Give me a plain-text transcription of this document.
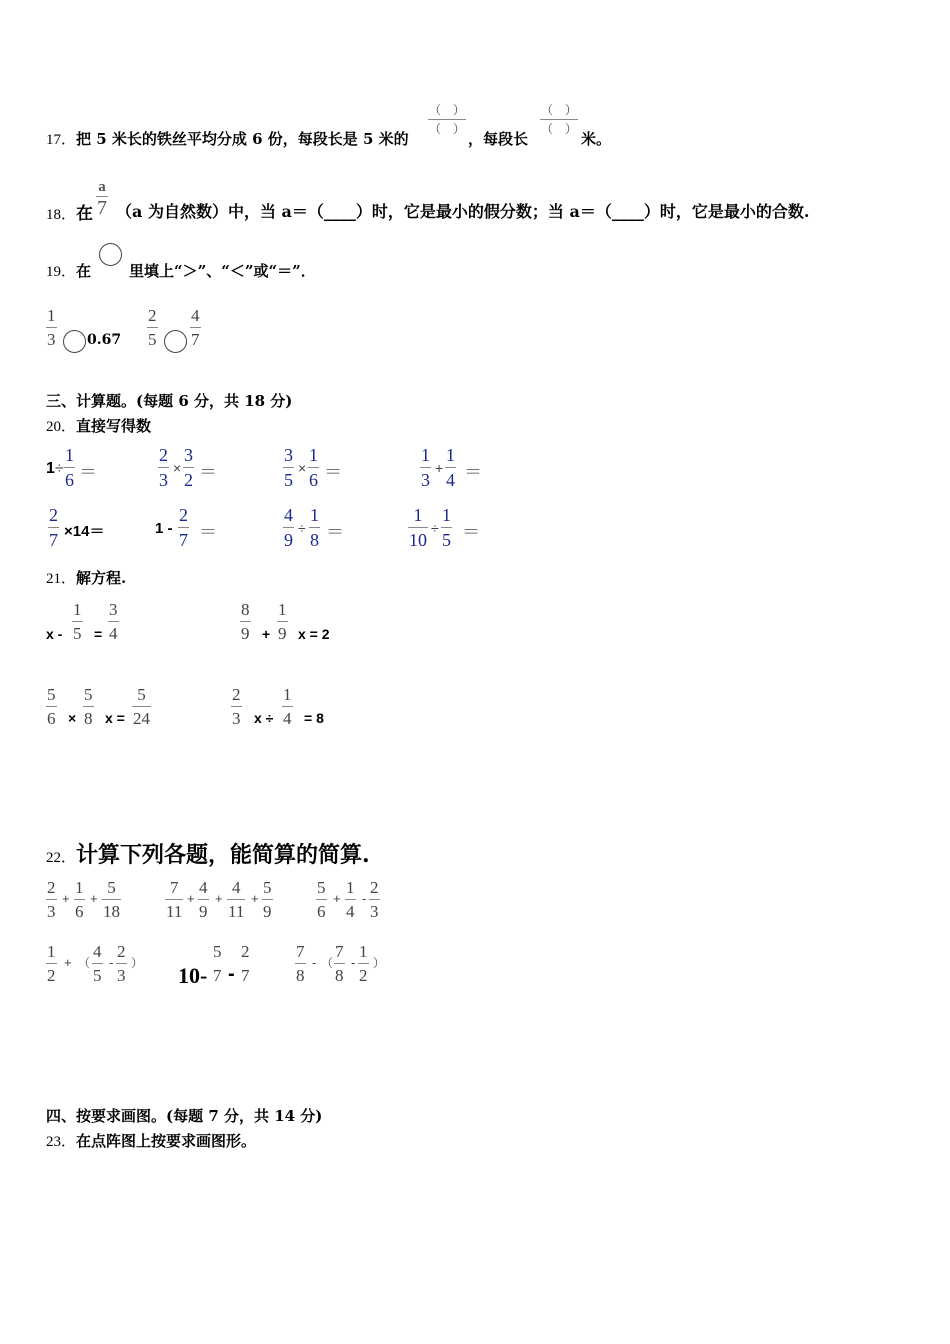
17．把 5 米长的铁丝平均分成 6 份，每段长是 5 米的
（　）
（　）
，每段长
（　）
（　）
米。
18．在
a
7 （a 为自然数）中，当 a＝（____）时，它是最小的假分数；当 a＝（____）时，它是最小的合数.
19．在	里填上“＞”、“＜”或“＝”．
1
3 0.67
2
5
4
7
三、计算题。(每题 6 分，共 18 分)
20．直接写得数
1 ÷
1
6 ＝
2
3
×
3
2 ＝
3
5
×
1
6 ＝
1
3
+
1
4 ＝
2
7 ×14＝	1 -
2
7 ＝
4
9
÷
1
8 ＝
1
10
÷
1
5 ＝
21．解方程.
x -
1
5 =
3
4
8
9 +
1
9 x = 2
5
6 ×
5
8 x =
5
24
2
3 x ÷
1
4 = 8
22．计算下列各题，能简算的简算.
2
3
+
1
6
+
5
18
7
11
+
4
9
+
4
11
+
5
9
5
6
+
1
4
-
2
3
1
2
+ （
4
5
-
2
3
） 10-
5
7 -
2
7
7
8
- （
7
8
-
1
2
）
四、按要求画图。(每题 7 分，共 14 分)
23．在点阵图上按要求画图形。
